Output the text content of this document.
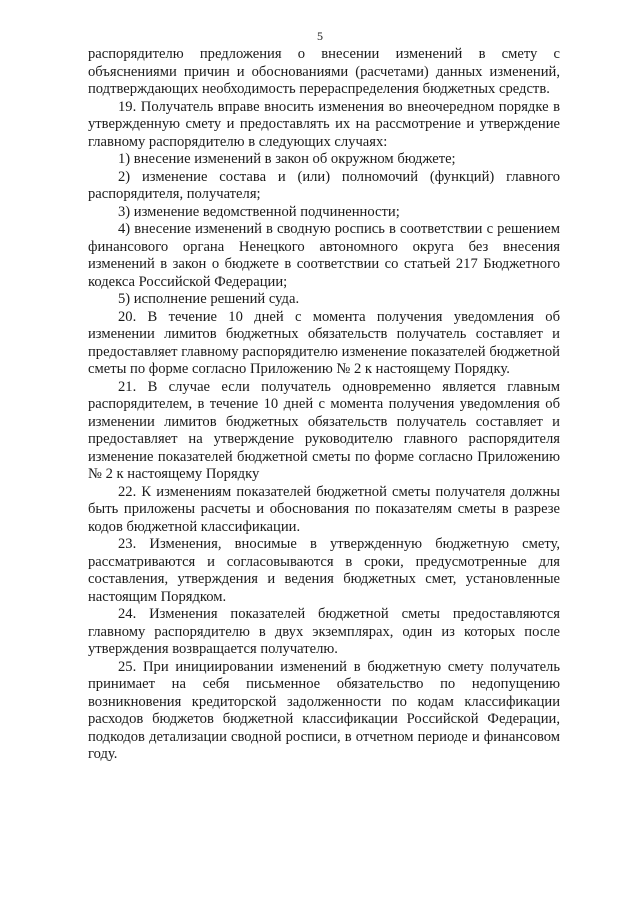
5

распорядителю предложения о внесении изменений в смету с объяснениями причин и обоснованиями (расчетами) данных изменений, подтверждающих необходимость перераспределения бюджетных средств.

19. Получатель вправе вносить изменения во внеочередном порядке в утвержденную смету и предоставлять их на рассмотрение и утверждение главному распорядителю в следующих случаях:

1) внесение изменений в закон об окружном бюджете;

2) изменение состава и (или) полномочий (функций) главного распорядителя, получателя;

3) изменение ведомственной подчиненности;

4) внесение изменений в сводную роспись в соответствии с решением финансового органа Ненецкого автономного округа без внесения изменений в закон о бюджете в соответствии со статьей 217 Бюджетного кодекса Российской Федерации;

5) исполнение решений суда.

20. В течение 10 дней с момента получения уведомления об изменении лимитов бюджетных обязательств получатель составляет и предоставляет главному распорядителю изменение показателей бюджетной сметы по форме согласно Приложению № 2 к настоящему Порядку.

21. В случае если получатель одновременно является главным распорядителем, в течение 10 дней с момента получения уведомления об изменении лимитов бюджетных обязательств получатель составляет и предоставляет на утверждение руководителю главного распорядителя изменение показателей бюджетной сметы по форме согласно Приложению № 2 к настоящему Порядку

22. К изменениям показателей бюджетной сметы получателя должны быть приложены расчеты и обоснования по показателям сметы в разрезе кодов бюджетной классификации.

23. Изменения, вносимые в утвержденную бюджетную смету, рассматриваются и согласовываются в сроки, предусмотренные для составления, утверждения и ведения бюджетных смет, установленные настоящим Порядком.

24. Изменения показателей бюджетной сметы предоставляются главному распорядителю в двух экземплярах, один из которых после утверждения возвращается получателю.

25. При инициировании изменений в бюджетную смету получатель принимает на себя письменное обязательство по недопущению возникновения кредиторской задолженности по кодам классификации расходов бюджетов бюджетной классификации Российской Федерации, подкодов детализации сводной росписи, в отчетном периоде и финансовом году.
